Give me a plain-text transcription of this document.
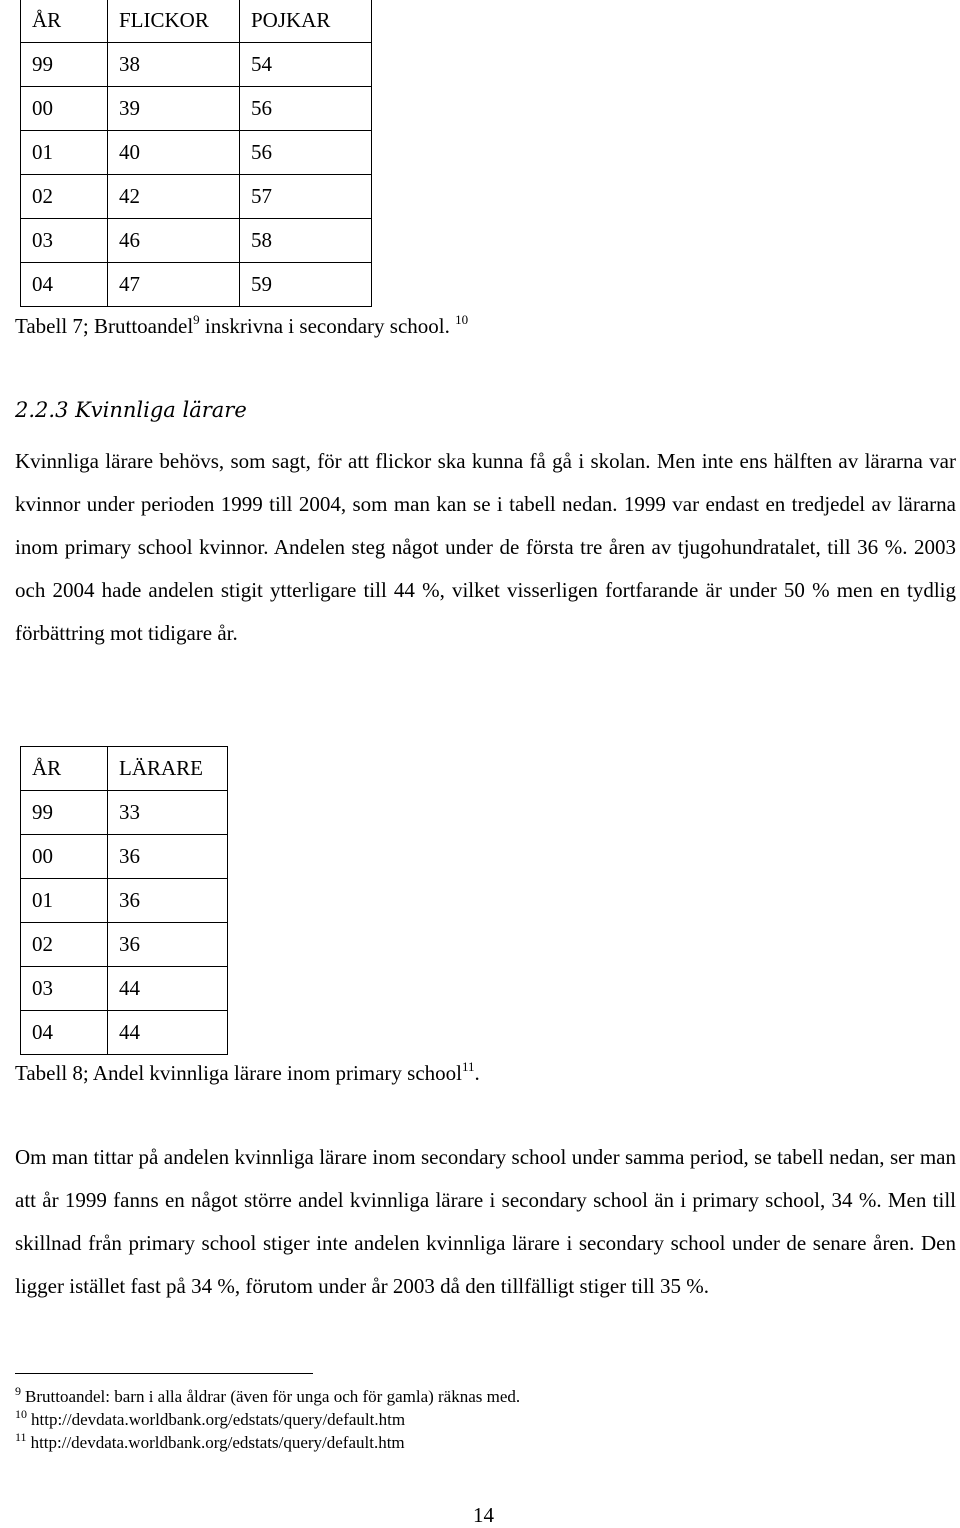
ÅR	FLICKOR	POJKAR
99	38	54
00	39	56
01	40	56
02	42	57
03	46	58
04	47	59
Tabell 7; Bruttoandel$^9$ inskrivna i secondary school. $^{10}$
2.2.3 Kvinnliga lärare

Kvinnliga lärare behövs, som sagt, för att flickor ska kunna få gå i skolan. Men inte ens hälften av lärarna var kvinnor under perioden 1999 till 2004, som man kan se i tabell nedan. 1999 var endast en tredjedel av lärarna inom primary school kvinnor. Andelen steg något under de första tre åren av tjugohundratalet, till 36 %. 2003 och 2004 hade andelen stigit ytterligare till 44 %, vilket visserligen fortfarande är under 50 % men en tydlig förbättring mot tidigare år.

ÅR	LÄRARE
99	33
00	36
01	36
02	36
03	44
04	44
Tabell 8; Andel kvinnliga lärare inom primary school$^{11}$.

Om man tittar på andelen kvinnliga lärare inom secondary school under samma period, se tabell nedan, ser man att år 1999 fanns en något större andel kvinnliga lärare i secondary school än i primary school, 34 %. Men till skillnad från primary school stiger inte andelen kvinnliga lärare i secondary school under de senare åren. Den ligger istället fast på 34 %, förutom under år 2003 då den tillfälligt stiger till 35 %.

$^9$ Bruttoandel: barn i alla åldrar (även för unga och för gamla) räknas med.
$^{10}$ http://devdata.worldbank.org/edstats/query/default.htm
$^{11}$ http://devdata.worldbank.org/edstats/query/default.htm
14
